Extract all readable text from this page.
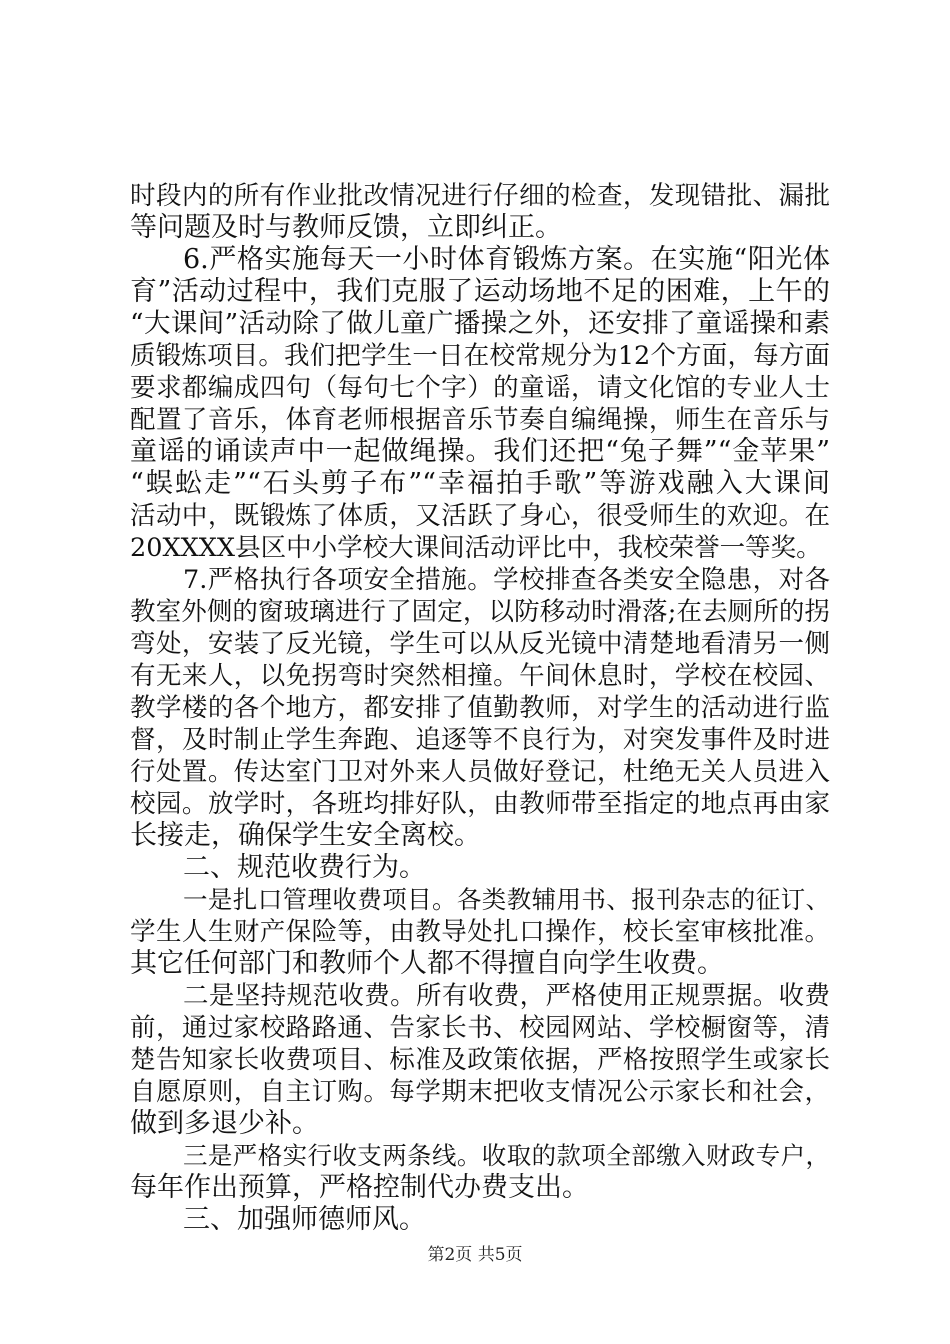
时段内的所有作业批改情况进行仔细的检查，发现错批、漏批
等问题及时与教师反馈，立即纠正。
6.严格实施每天一小时体育锻炼方案。在实施“阳光体
育”活动过程中，我们克服了运动场地不足的困难，上午的
“大课间”活动除了做儿童广播操之外，还安排了童谣操和素
质锻炼项目。我们把学生一日在校常规分为12个方面，每方面
要求都编成四句（每句七个字）的童谣，请文化馆的专业人士
配置了音乐，体育老师根据音乐节奏自编绳操，师生在音乐与
童谣的诵读声中一起做绳操。我们还把“兔子舞”“金苹果”
“蜈蚣走”“石头剪子布”“幸福拍手歌”等游戏融入大课间
活动中，既锻炼了体质，又活跃了身心，很受师生的欢迎。在
20XXXX县区中小学校大课间活动评比中，我校荣誉一等奖。
7.严格执行各项安全措施。学校排查各类安全隐患，对各
教室外侧的窗玻璃进行了固定，以防移动时滑落;在去厕所的拐
弯处，安装了反光镜，学生可以从反光镜中清楚地看清另一侧
有无来人，以免拐弯时突然相撞。午间休息时，学校在校园、
教学楼的各个地方，都安排了值勤教师，对学生的活动进行监
督，及时制止学生奔跑、追逐等不良行为，对突发事件及时进
行处置。传达室门卫对外来人员做好登记，杜绝无关人员进入
校园。放学时，各班均排好队，由教师带至指定的地点再由家
长接走，确保学生安全离校。
二、规范收费行为。
一是扎口管理收费项目。各类教辅用书、报刊杂志的征订、
学生人生财产保险等，由教导处扎口操作，校长室审核批准。
其它任何部门和教师个人都不得擅自向学生收费。
二是坚持规范收费。所有收费，严格使用正规票据。收费
前，通过家校路路通、告家长书、校园网站、学校橱窗等，清
楚告知家长收费项目、标准及政策依据，严格按照学生或家长
自愿原则，自主订购。每学期末把收支情况公示家长和社会，
做到多退少补。
三是严格实行收支两条线。收取的款项全部缴入财政专户，
每年作出预算，严格控制代办费支出。
三、加强师德师风。
第2页 共5页
